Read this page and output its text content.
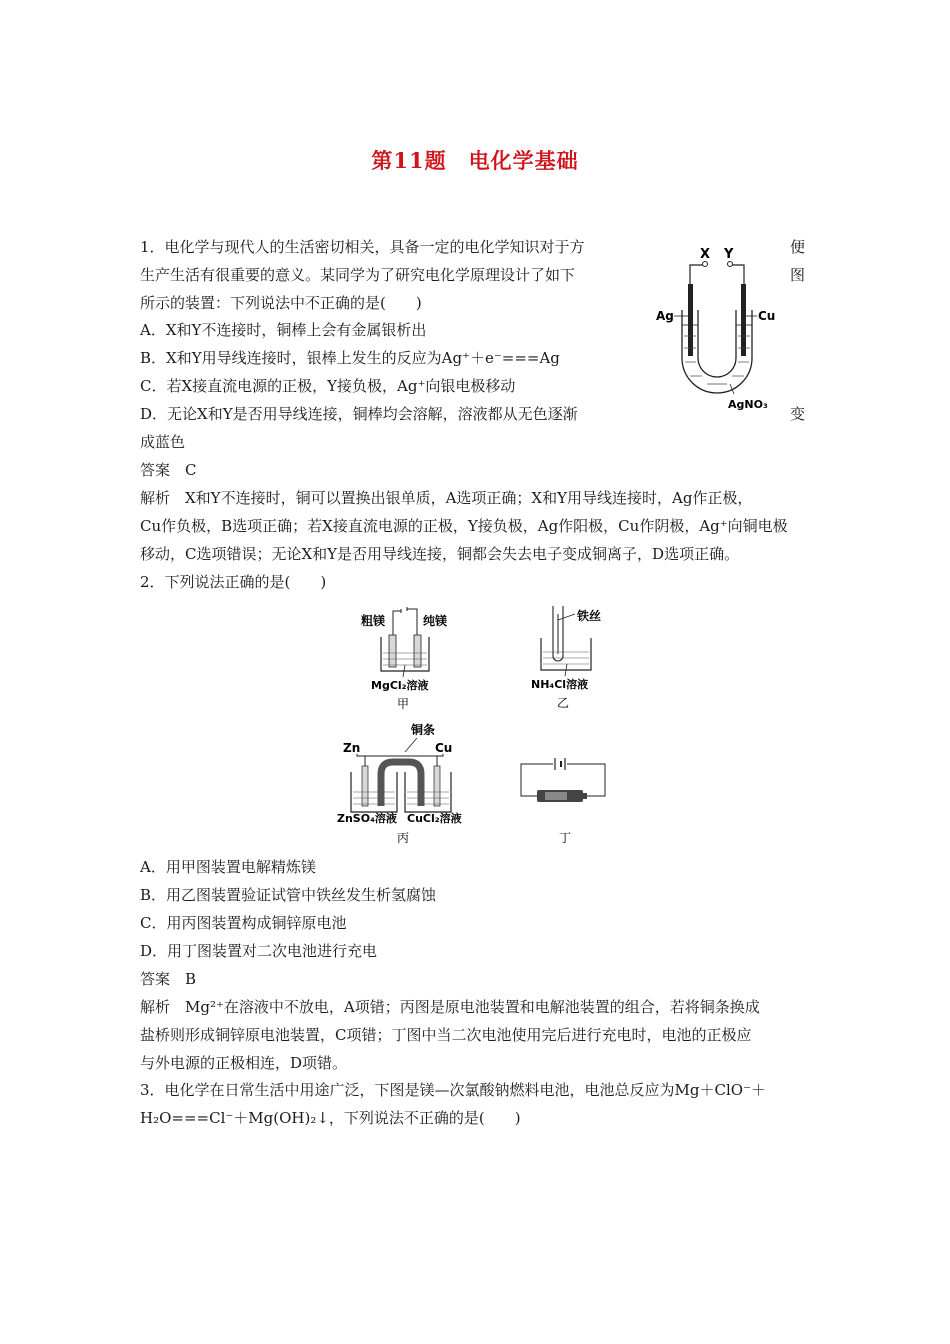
第11题　电化学基础
1．电化学与现代人的生活密切相关，具备一定的电化学知识对于方	便
生产生活有很重要的意义。某同学为了研究电化学原理设计了如下	图
所示的装置：下列说法中不正确的是(　　)
A．X和Y不连接时，铜棒上会有金属银析出
B．X和Y用导线连接时，银棒上发生的反应为Ag⁺＋e⁻===Ag
C．若X接直流电源的正极，Y接负极，Ag⁺向银电极移动
D．无论X和Y是否用导线连接，铜棒均会溶解，溶液都从无色逐渐	变
成蓝色
答案　C
解析　X和Y不连接时，铜可以置换出银单质，A选项正确；X和Y用导线连接时，Ag作正极，
Cu作负极，B选项正确；若X接直流电源的正极，Y接负极，Ag作阳极，Cu作阴极，Ag⁺向铜电极
移动，C选项错误；无论X和Y是否用导线连接，铜都会失去电子变成铜离子，D选项正确。
X Y
Ag	Cu
AgNO₃
2．下列说法正确的是(　　)
粗镁	纯镁
MgCl₂溶液
甲
铁丝
NH₄Cl溶液
乙
铜条
Zn	Cu
ZnSO₄溶液 CuCl₂溶液
丙	丁
A．用甲图装置电解精炼镁
B．用乙图装置验证试管中铁丝发生析氢腐蚀
C．用丙图装置构成铜锌原电池
D．用丁图装置对二次电池进行充电
答案　B
解析　Mg²⁺在溶液中不放电，A项错；丙图是原电池装置和电解池装置的组合，若将铜条换成
盐桥则形成铜锌原电池装置，C项错；丁图中当二次电池使用完后进行充电时，电池的正极应
与外电源的正极相连，D项错。
3．电化学在日常生活中用途广泛，下图是镁—次氯酸钠燃料电池，电池总反应为Mg＋ClO⁻＋
H₂O===Cl⁻＋Mg(OH)₂↓，下列说法不正确的是(　　)
